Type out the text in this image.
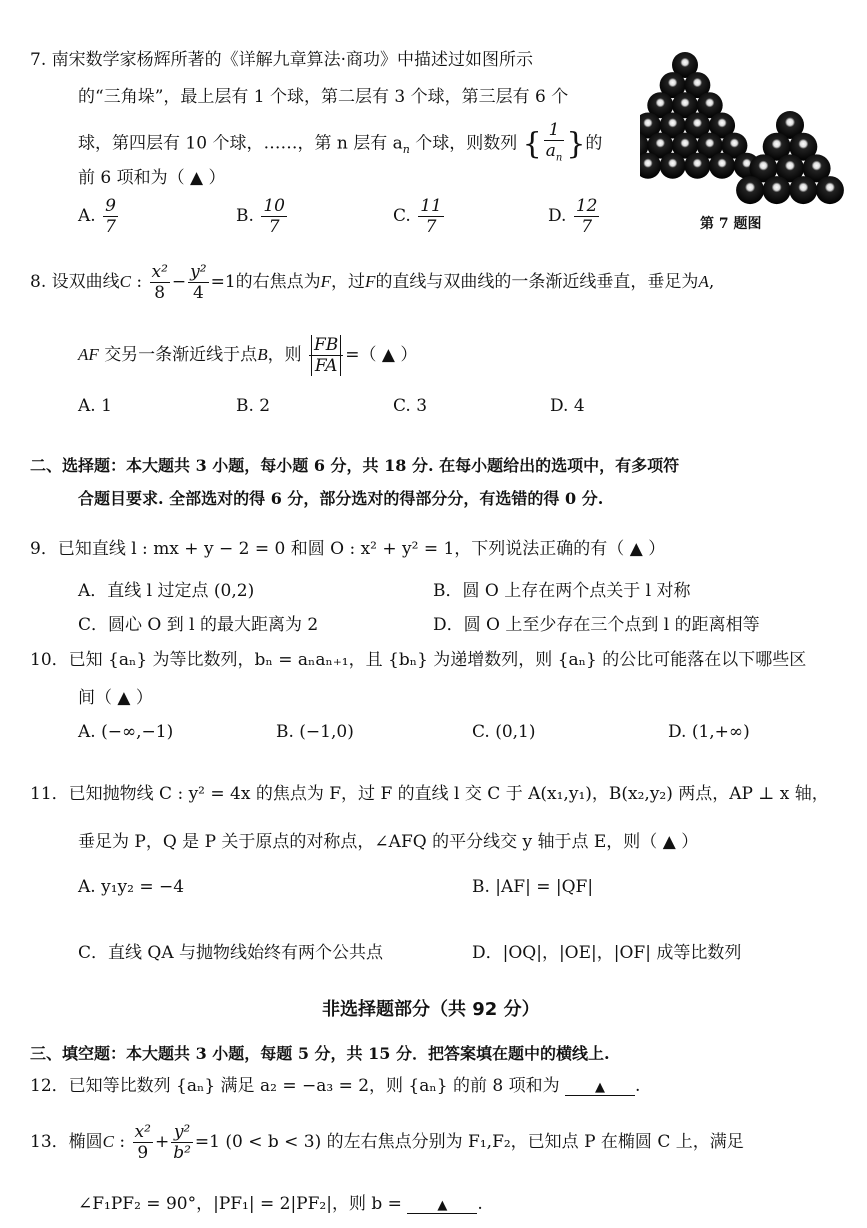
7. 南宋数学家杨辉所著的《详解九章算法·商功》中描述过如图所示
的“三角垛”，最上层有 1 个球，第二层有 3 个球，第三层有 6 个
球，第四层有 10 个球，……，第 n 层有 $a_n$ 个球，则数列 { $\frac{1}{a_n}$ }的
前 6 项和为（ ▲ ）
A. $\frac{9}{7}$	B. $\frac{10}{7}$	C. $\frac{11}{7}$	D. $\frac{12}{7}$	第 7 题图
8. 设双曲线C : $\frac{\text{x²}}{8} - \frac{\text{y²}}{4} =1$的右焦点为F，过F的直线与双曲线的一条渐近线垂直，垂足为A,
AF 交另一条渐近线于点B，则 $\frac{FB}{FA}$ =（ ▲ ）
A. 1	B. 2	C. 3	D. 4
二、选择题：本大题共 3 小题，每小题 6 分，共 18 分. 在每小题给出的选项中，有多项符
合题目要求. 全部选对的得 6 分，部分选对的得部分分，有选错的得 0 分.
9．已知直线 l : mx + y − 2 = 0 和圆 O : x² + y² = 1，下列说法正确的有（ ▲ ）
A．直线 l 过定点 (0,2)	B．圆 O 上存在两个点关于 l 对称
C．圆心 O 到 l 的最大距离为 2	D．圆 O 上至少存在三个点到 l 的距离相等
10．已知 {aₙ} 为等比数列，bₙ = aₙaₙ₊₁，且 {bₙ} 为递增数列，则 {aₙ} 的公比可能落在以下哪些区
间（ ▲ ）
A. (−∞,−1)	B. (−1,0)	C. (0,1)	D. (1,+∞)
11．已知抛物线 C : y² = 4x 的焦点为 F，过 F 的直线 l 交 C 于 A(x₁,y₁)，B(x₂,y₂) 两点，AP ⊥ x 轴，
垂足为 P，Q 是 P 关于原点的对称点，∠AFQ 的平分线交 y 轴于点 E，则（ ▲ ）
A. y₁y₂ = −4	B. |AF| = |QF|
C．直线 QA 与抛物线始终有两个公共点	D．|OQ|，|OE|，|OF| 成等比数列
非选择题部分（共 92 分）
三、填空题：本大题共 3 小题，每题 5 分，共 15 分．把答案填在题中的横线上.
12．已知等比数列 {aₙ} 满足 a₂ = −a₃ = 2，则 {aₙ} 的前 8 项和为	▲ .
13．椭圆C : $\frac{\text{x²}}{9} + \frac{\text{y²}}{\text{b²}} =1$ (0 < b < 3) 的左右焦点分别为 F₁,F₂，已知点 P 在椭圆 C 上，满足
∠F₁PF₂ = 90°，|PF₁| = 2|PF₂|，则 b =	▲ .
